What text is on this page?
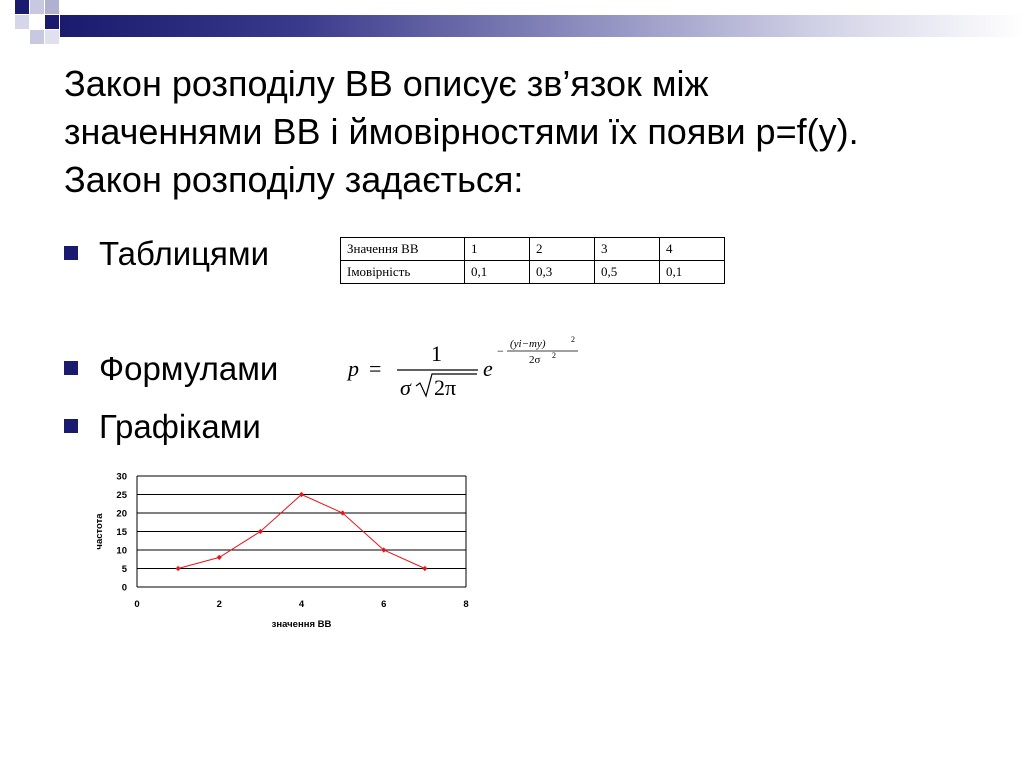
Закон розподілу ВВ описує зв’язок між
значеннями ВВ і ймовірностями їх появи p=f(y).
Закон розподілу задається:
Таблицями
Формулами
Графіками
Значення ВВ	1	2	3	4
Імовірність	0,1	0,3	0,5	0,1
p =
1
σ 2π
e
− (yi−my)	2
2σ 2
0
5
10
15
20
25
30
0	2	4	6	8
значення ВВ
частота
